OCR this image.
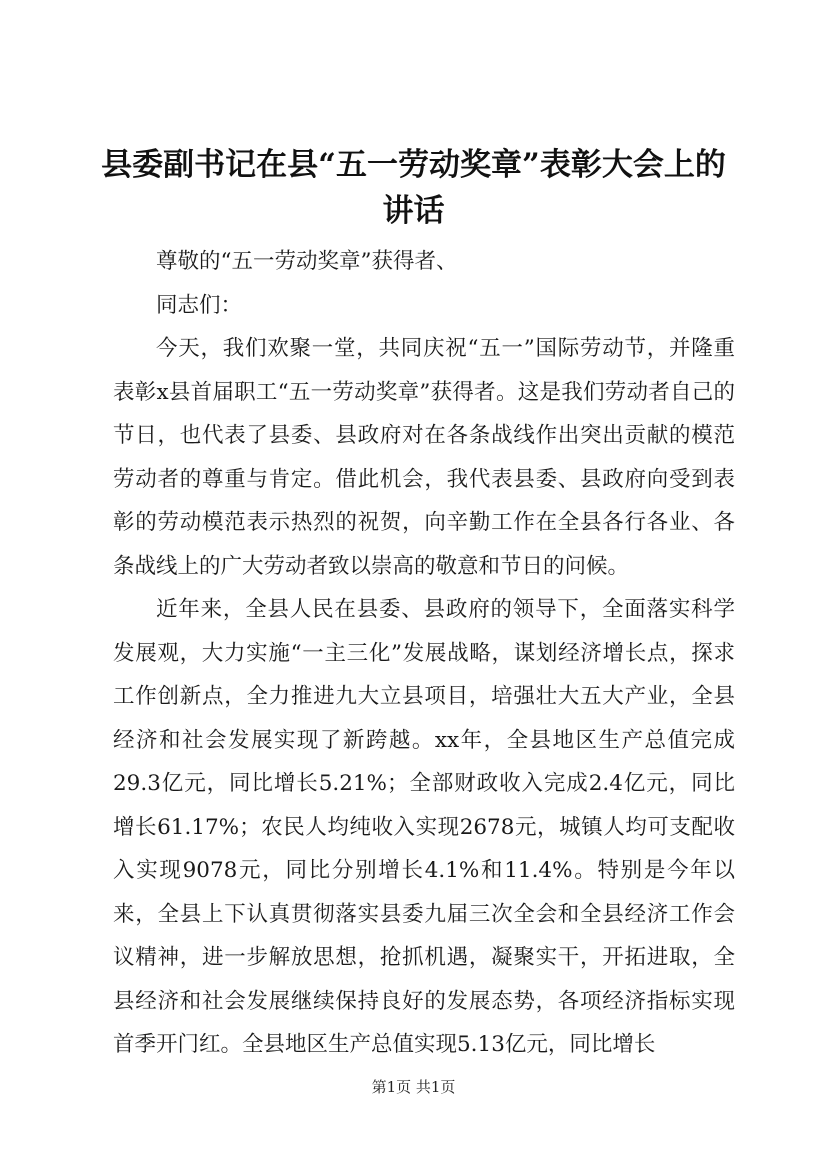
县委副书记在县“五一劳动奖章”表彰大会上的讲话

尊敬的“五一劳动奖章”获得者、

同志们：

今天，我们欢聚一堂，共同庆祝“五一”国际劳动节，并隆重表彰x县首届职工“五一劳动奖章”获得者。这是我们劳动者自己的节日，也代表了县委、县政府对在各条战线作出突出贡献的模范劳动者的尊重与肯定。借此机会，我代表县委、县政府向受到表彰的劳动模范表示热烈的祝贺，向辛勤工作在全县各行各业、各条战线上的广大劳动者致以崇高的敬意和节日的问候。

近年来，全县人民在县委、县政府的领导下，全面落实科学发展观，大力实施“一主三化”发展战略，谋划经济增长点，探求工作创新点，全力推进九大立县项目，培强壮大五大产业，全县经济和社会发展实现了新跨越。xx年，全县地区生产总值完成29.3亿元，同比增长5.21%；全部财政收入完成2.4亿元，同比增长61.17%；农民人均纯收入实现2678元，城镇人均可支配收入实现9078元，同比分别增长4.1%和11.4%。特别是今年以来，全县上下认真贯彻落实县委九届三次全会和全县经济工作会议精神，进一步解放思想，抢抓机遇，凝聚实干，开拓进取，全县经济和社会发展继续保持良好的发展态势，各项经济指标实现首季开门红。全县地区生产总值实现5.13亿元，同比增长

第1页 共1页
